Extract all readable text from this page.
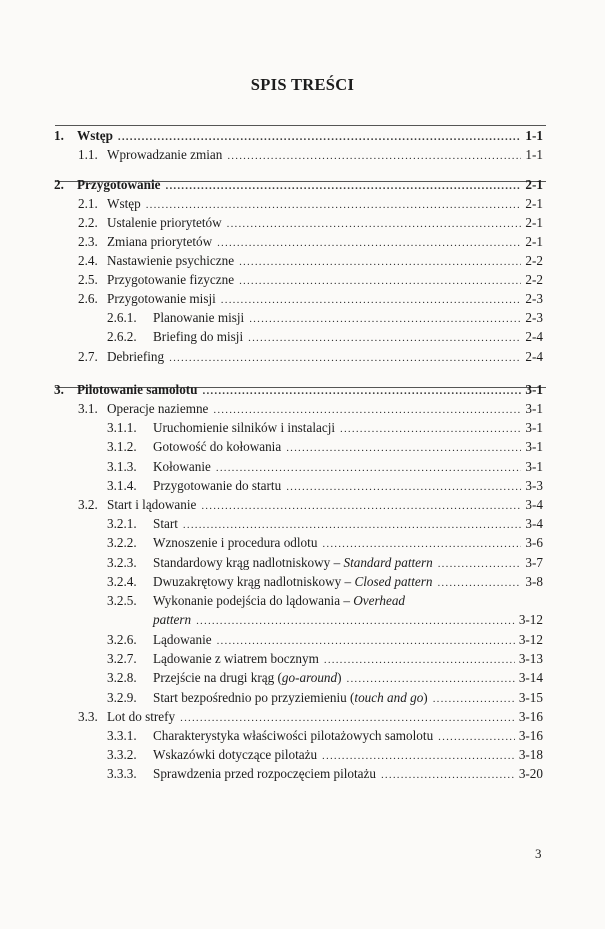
SPIS TREŚCI
1. Wstęp .....	1-1
1.1. Wprowadzanie zmian .....	1-1
2. Przygotowanie .....	2-1
2.1. Wstęp .....	2-1
2.2. Ustalenie priorytetów .....	2-1
2.3. Zmiana priorytetów .....	2-1
2.4. Nastawienie psychiczne .....	2-2
2.5. Przygotowanie fizyczne .....	2-2
2.6. Przygotowanie misji .....	2-3
2.6.1. Planowanie misji .....	2-3
2.6.2. Briefing do misji .....	2-4
2.7. Debriefing .....	2-4
3. Pilotowanie samolotu .....	3-1
3.1. Operacje naziemne .....	3-1
3.1.1. Uruchomienie silników i instalacji .....	3-1
3.1.2. Gotowość do kołowania .....	3-1
3.1.3. Kołowanie .....	3-1
3.1.4. Przygotowanie do startu .....	3-3
3.2. Start i lądowanie .....	3-4
3.2.1. Start .....	3-4
3.2.2. Wznoszenie i procedura odlotu .....	3-6
3.2.3. Standardowy krąg nadlotniskowy – Standard pattern .....	3-7
3.2.4. Dwuzakrętowy krąg nadlotniskowy – Closed pattern .....	3-8
3.2.5. Wykonanie podejścia do lądowania – Overhead
pattern .....	3-12
3.2.6. Lądowanie .....	3-12
3.2.7. Lądowanie z wiatrem bocznym .....	3-13
3.2.8. Przejście na drugi krąg (go-around) .....	3-14
3.2.9. Start bezpośrednio po przyziemieniu (touch and go) .....	3-15
3.3. Lot do strefy .....	3-16
3.3.1. Charakterystyka właściwości pilotażowych samolotu .....	3-16
3.3.2. Wskazówki dotyczące pilotażu .....	3-18
3.3.3. Sprawdzenia przed rozpoczęciem pilotażu .....	3-20
3
